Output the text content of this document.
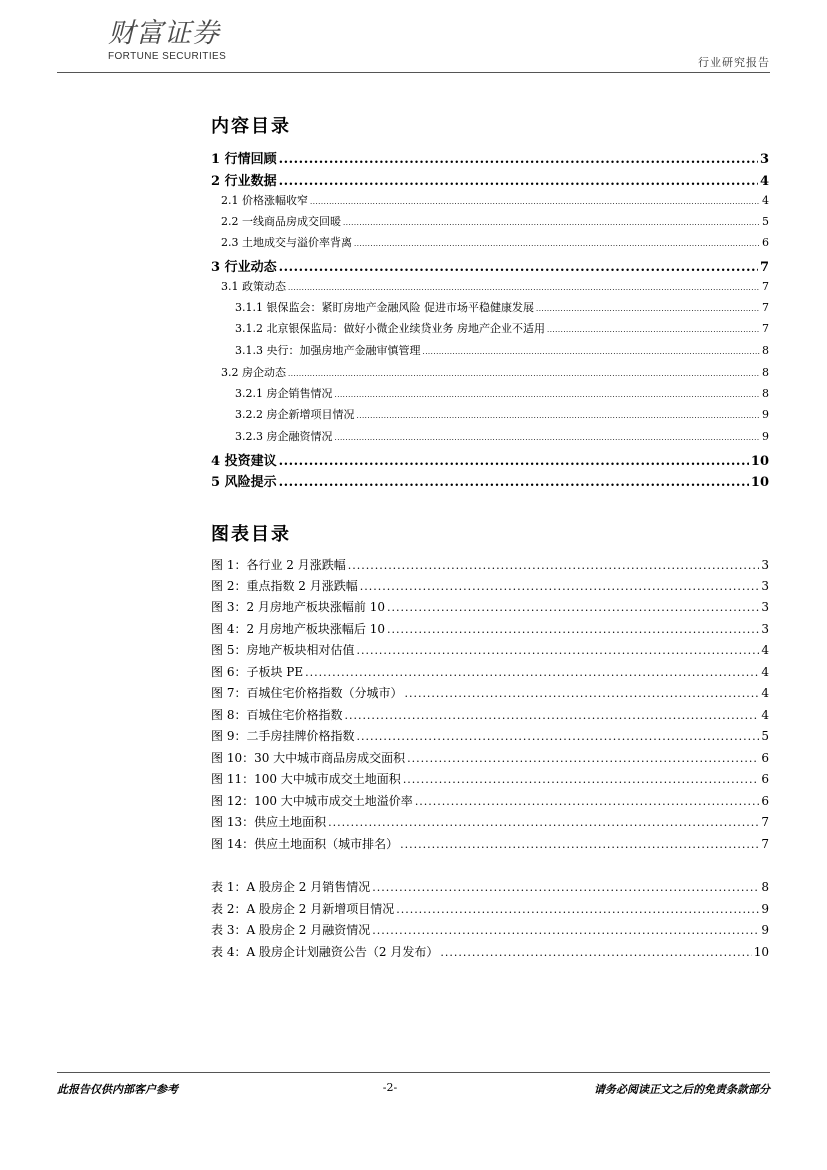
财富证券
FORTUNE SECURITIES	行业研究报告
内容目录
1 行情回顾 .....	3
2 行业数据 .....	4
2.1 价格涨幅收窄 .....	4
2.2 一线商品房成交回暖 .....	5
2.3 土地成交与溢价率背离 .....	6
3 行业动态 .....	7
3.1 政策动态 .....	7
3.1.1 银保监会：紧盯房地产金融风险 促进市场平稳健康发展 .....	7
3.1.2 北京银保监局：做好小微企业续贷业务 房地产企业不适用 .....	7
3.1.3 央行：加强房地产金融审慎管理 .....	8
3.2 房企动态 .....	8
3.2.1 房企销售情况 .....	8
3.2.2 房企新增项目情况 .....	9
3.2.3 房企融资情况 .....	9
4 投资建议 .....	10
5 风险提示 .....	10
图表目录
图 1：各行业 2 月涨跌幅 .....	3
图 2：重点指数 2 月涨跌幅 .....	3
图 3：2 月房地产板块涨幅前 10 .....	3
图 4：2 月房地产板块涨幅后 10 .....	3
图 5：房地产板块相对估值 .....	4
图 6：子板块 PE .....	4
图 7：百城住宅价格指数（分城市） .....	4
图 8：百城住宅价格指数 .....	4
图 9：二手房挂牌价格指数 .....	5
图 10：30 大中城市商品房成交面积 .....	6
图 11：100 大中城市成交土地面积 .....	6
图 12：100 大中城市成交土地溢价率 .....	6
图 13：供应土地面积 .....	7
图 14：供应土地面积（城市排名） .....	7
表 1：A 股房企 2 月销售情况 .....	8
表 2：A 股房企 2 月新增项目情况 .....	9
表 3：A 股房企 2 月融资情况 .....	9
表 4：A 股房企计划融资公告（2 月发布） .....	10
此报告仅供内部客户参考	-2-	请务必阅读正文之后的免责条款部分
